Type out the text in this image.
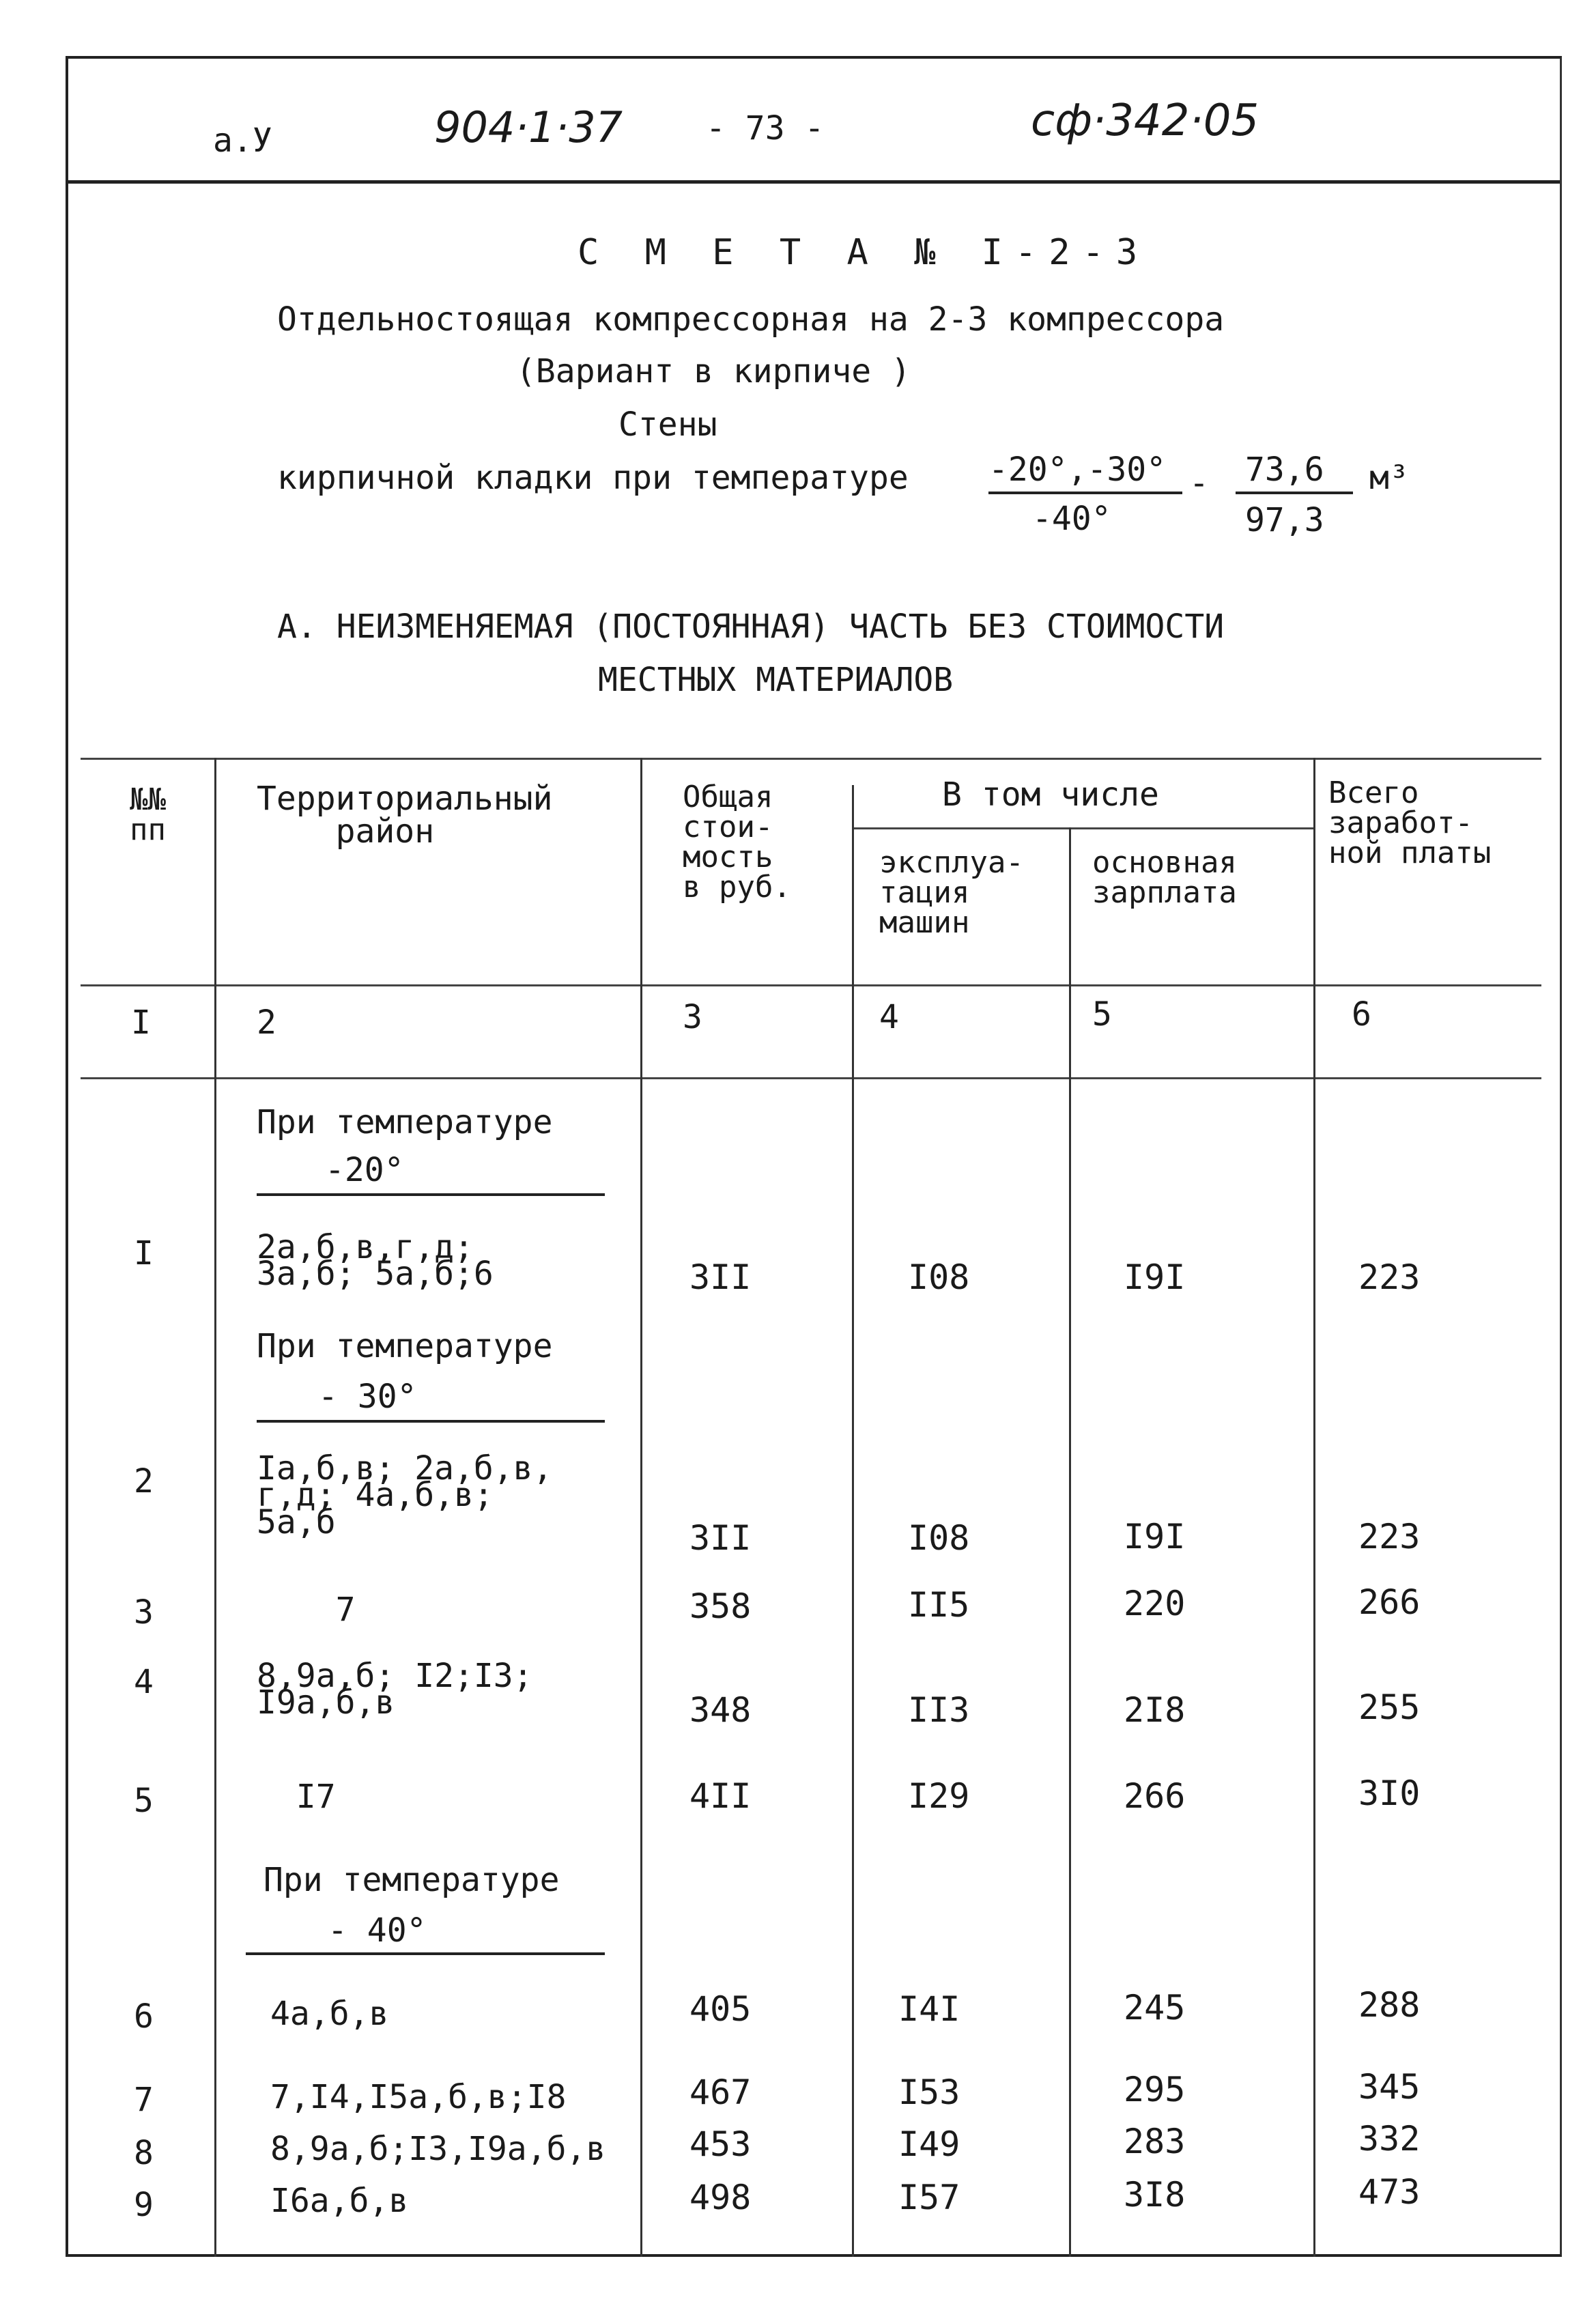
а.У	904·1·37	- 73 -	сф·342·05
С М Е Т А № I-2-3
Отдельностоящая компрессорная на 2-3 компрессора
(Вариант в кирпиче )
Стены
кирпичной кладки при температуре -20°,-30°
-40°
- 73,6
97,3
м³
А. НЕИЗМЕНЯЕМАЯ (ПОСТОЯННАЯ) ЧАСТЬ БЕЗ СТОИМОСТИ
МЕСТНЫХ МАТЕРИАЛОВ
№№
пп
Территориальный
район
Общая
стои-
мость
в руб.
В том числе
эксплуа-
тация
машин
основная
зарплата
Всего
заработ-
ной платы
I	2	3	4	5	6
При температуре
-20°
I	2а,б,в,г,д;
3а,б; 5а,б;6	3II	I08	I9I	223
При температуре
- 30°
2	Iа,б,в; 2а,б,в,
г,д; 4а,б,в;
5а,б	3II	I08	I9I	223
3	7	358	II5	220	266
4	8,9а,б; I2;I3;
I9а,б,в	348	II3	2I8	255
5	I7	4II	I29	266	3I0
При температуре
- 40°
6	4а,б,в	405	I4I	245	288
7	7,I4,I5а,б,в;I8	467	I53	295	345
8	8,9а,б;I3,I9а,б,в 453	I49	283	332
9	I6а,б,в	498	I57	3I8	473
